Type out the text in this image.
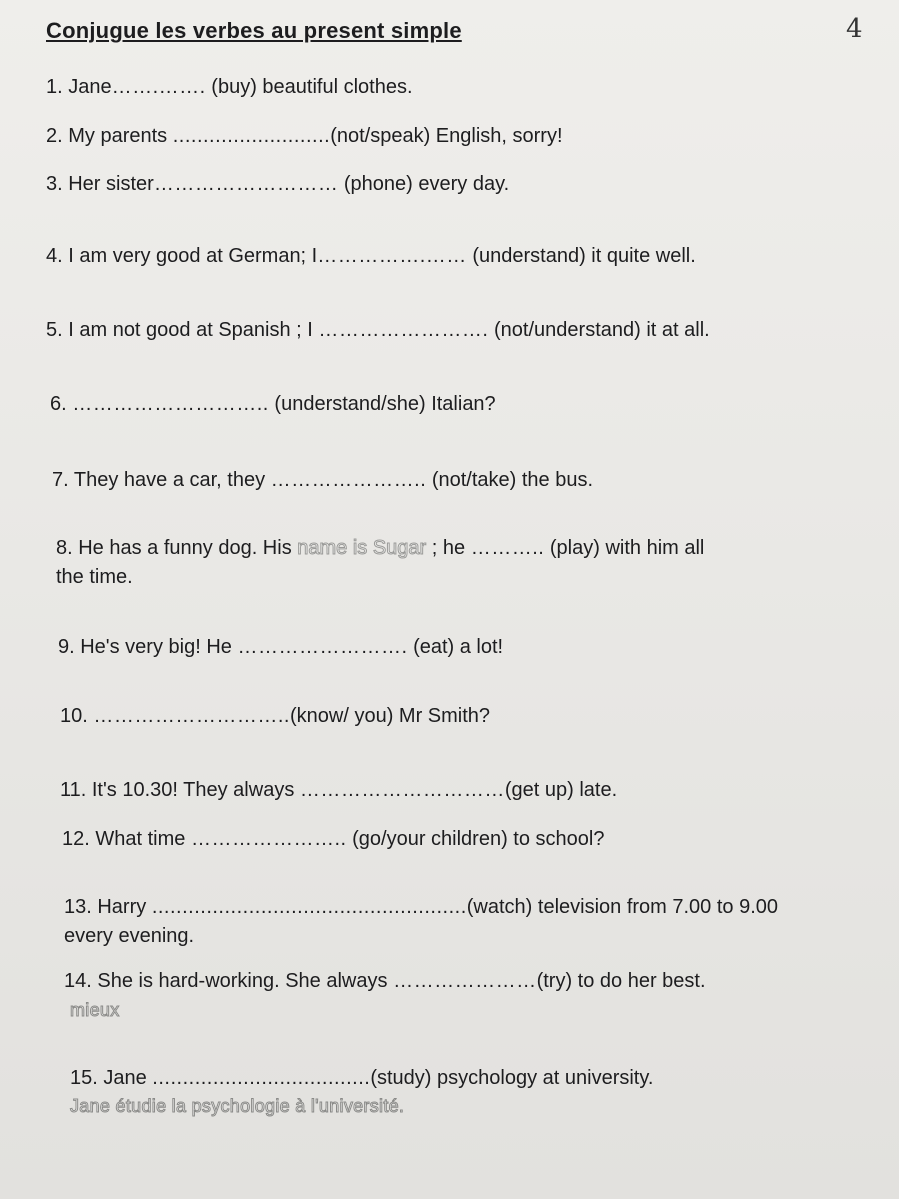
Conjugue les verbes au present simple	4
1. Jane…….……. (buy) beautiful clothes.
2. My parents ..........................(not/speak) English, sorry!
3. Her sister……………………… (phone) every day.
4. I am very good at German; I…………….…… (understand) it quite well.
5. I am not good at Spanish ; I ……………………. (not/understand) it at all.
6. ……………………….. (understand/she) Italian?
7. They have a car, they ………………….. (not/take) the bus.
8. He has a funny dog. His name is Sugar ; he ……….. (play) with him all
the time.
9. He's very big! He ……………………. (eat) a lot!
10. ………………………..(know/ you) Mr Smith?
11. It's 10.30! They always …………………………(get up) late.
12. What time ………………….. (go/your children) to school?
13. Harry ....................................................(watch) television from 7.00 to 9.00
every evening.
14. She is hard-working. She always …………………(try) to do her best.
mieux
15. Jane ....................................(study) psychology at university.
Jane étudie la psychologie à l'université.
